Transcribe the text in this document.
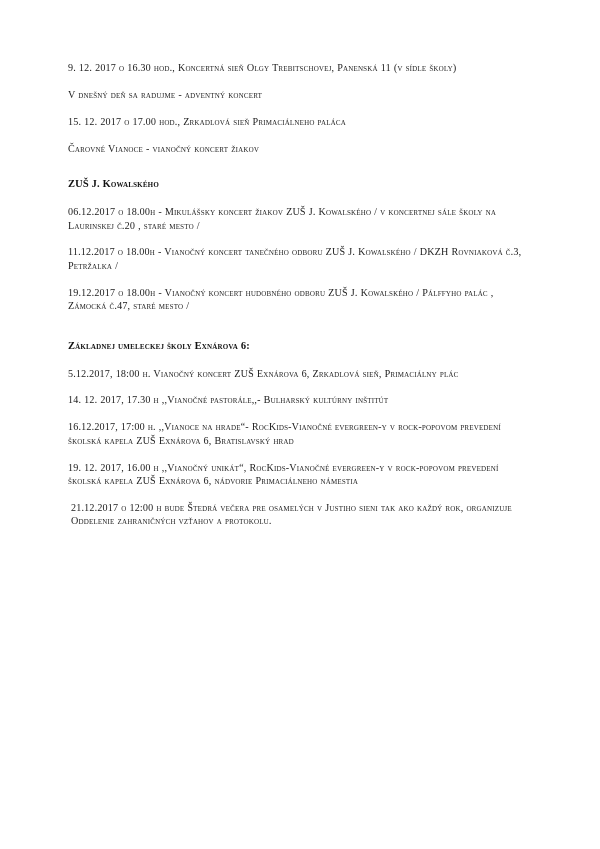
9. 12. 2017 o 16.30 hod., Koncertná sieň Olgy Trebitschovej, Panenská 11 (v sídle školy)

V dnešný deň sa radujme - adventný koncert

15. 12. 2017 o 17.00 hod., Zrkadlová sieň Primaciálneho paláca

Čarovné Vianoce - vianočný koncert žiakov

ZUŠ J. Kowalského

06.12.2017 o 18.00h - Mikulášsky koncert žiakov ZUŠ J. Kowalského / v koncertnej sále školy na Laurinskej č.20 , staré mesto /

11.12.2017 o 18.00h - Vianočný koncert tanečného odboru ZUŠ J. Kowalského / DKZH Rovniaková č.3, Petržalka /

19.12.2017 o 18.00h - Vianočný koncert hudobného odboru ZUŠ J. Kowalského / Pálffyho palác , Zámocká č.47, staré mesto /

Základnej umeleckej školy Exnárova 6:

5.12.2017, 18:00 h. Vianočný koncert ZUŠ Exnárova 6, Zrkadlová sieň, Primaciálny plác

14. 12. 2017, 17.30 h ,,Vianočné pastorále,,- Bulharský kultúrny inštitút

16.12.2017, 17:00 h. ,,Vianoce na hrade“- RocKids-Vianočné evergreen-y v rock-popovom prevedení
školská kapela ZUŠ Exnárova 6, Bratislavský hrad
19. 12. 2017, 16.00 h ,,Vianočný unikát“, RocKids-Vianočné evergreen-y v rock-popovom prevedení
školská kapela ZUŠ Exnárova 6, nádvorie Primaciálneho námestia

21.12.2017 o 12:00 h bude Štedrá večera pre osamelých v Justiho sieni tak ako každý rok, organizuje Oddelenie zahraničných vzťahov a protokolu.
